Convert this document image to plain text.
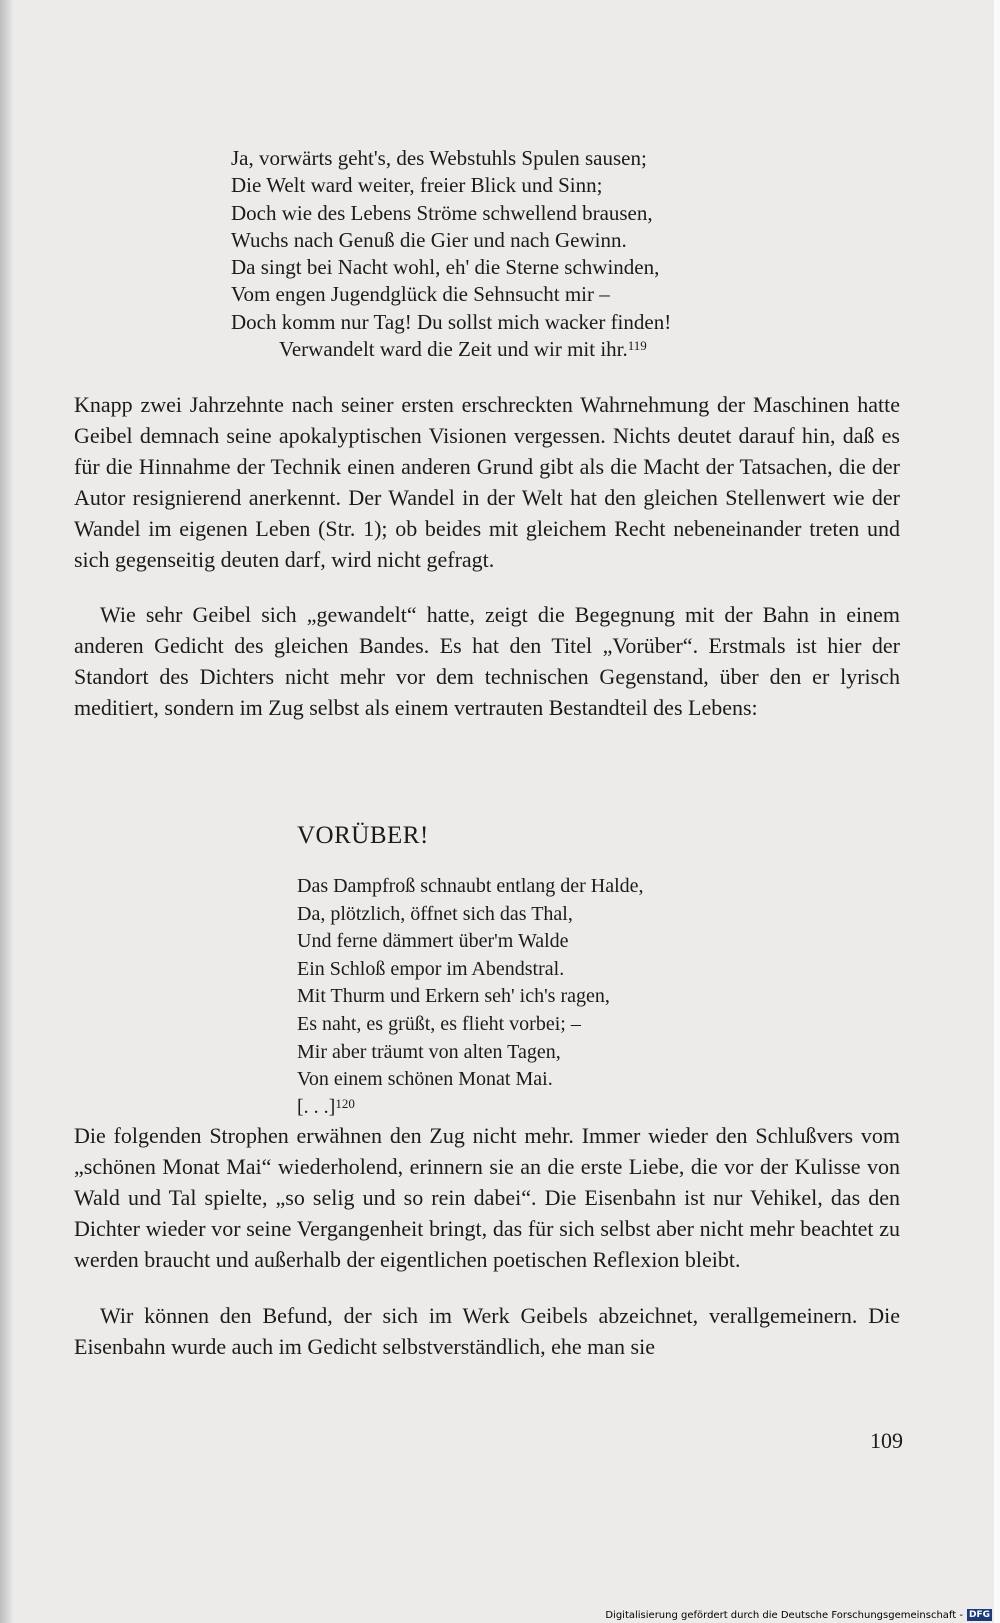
Ja, vorwärts geht's, des Webstuhls Spulen sausen;
Die Welt ward weiter, freier Blick und Sinn;
Doch wie des Lebens Ströme schwellend brausen,
Wuchs nach Genuß die Gier und nach Gewinn.
Da singt bei Nacht wohl, eh' die Sterne schwinden,
Vom engen Jugendglück die Sehnsucht mir –
Doch komm nur Tag! Du sollst mich wacker finden!
Verwandelt ward die Zeit und wir mit ihr.$^{119}$

Knapp zwei Jahrzehnte nach seiner ersten erschreckten Wahrnehmung der Maschinen hatte Geibel demnach seine apokalyptischen Visionen vergessen. Nichts deutet darauf hin, daß es für die Hinnahme der Technik einen anderen Grund gibt als die Macht der Tatsachen, die der Autor resignierend anerkennt. Der Wandel in der Welt hat den gleichen Stellenwert wie der Wandel im eigenen Leben (Str. 1); ob beides mit gleichem Recht nebeneinander treten und sich gegenseitig deuten darf, wird nicht gefragt.

Wie sehr Geibel sich „gewandelt“ hatte, zeigt die Begegnung mit der Bahn in einem anderen Gedicht des gleichen Bandes. Es hat den Titel „Vorüber“. Erstmals ist hier der Standort des Dichters nicht mehr vor dem technischen Gegenstand, über den er lyrisch meditiert, sondern im Zug selbst als einem vertrauten Bestandteil des Lebens:

VORÜBER!
Das Dampfroß schnaubt entlang der Halde,
Da, plötzlich, öffnet sich das Thal,
Und ferne dämmert über'm Walde
Ein Schloß empor im Abendstral.
Mit Thurm und Erkern seh' ich's ragen,
Es naht, es grüßt, es flieht vorbei; –
Mir aber träumt von alten Tagen,
Von einem schönen Monat Mai.
[. . .]$^{120}$

Die folgenden Strophen erwähnen den Zug nicht mehr. Immer wieder den Schlußvers vom „schönen Monat Mai“ wiederholend, erinnern sie an die erste Liebe, die vor der Kulisse von Wald und Tal spielte, „so selig und so rein dabei“. Die Eisenbahn ist nur Vehikel, das den Dichter wieder vor seine Vergangenheit bringt, das für sich selbst aber nicht mehr beachtet zu werden braucht und außerhalb der eigentlichen poetischen Reflexion bleibt.

Wir können den Befund, der sich im Werk Geibels abzeichnet, verallgemeinern. Die Eisenbahn wurde auch im Gedicht selbstverständlich, ehe man sie

109
Digitalisierung gefördert durch die Deutsche Forschungsgemeinschaft - DFG
